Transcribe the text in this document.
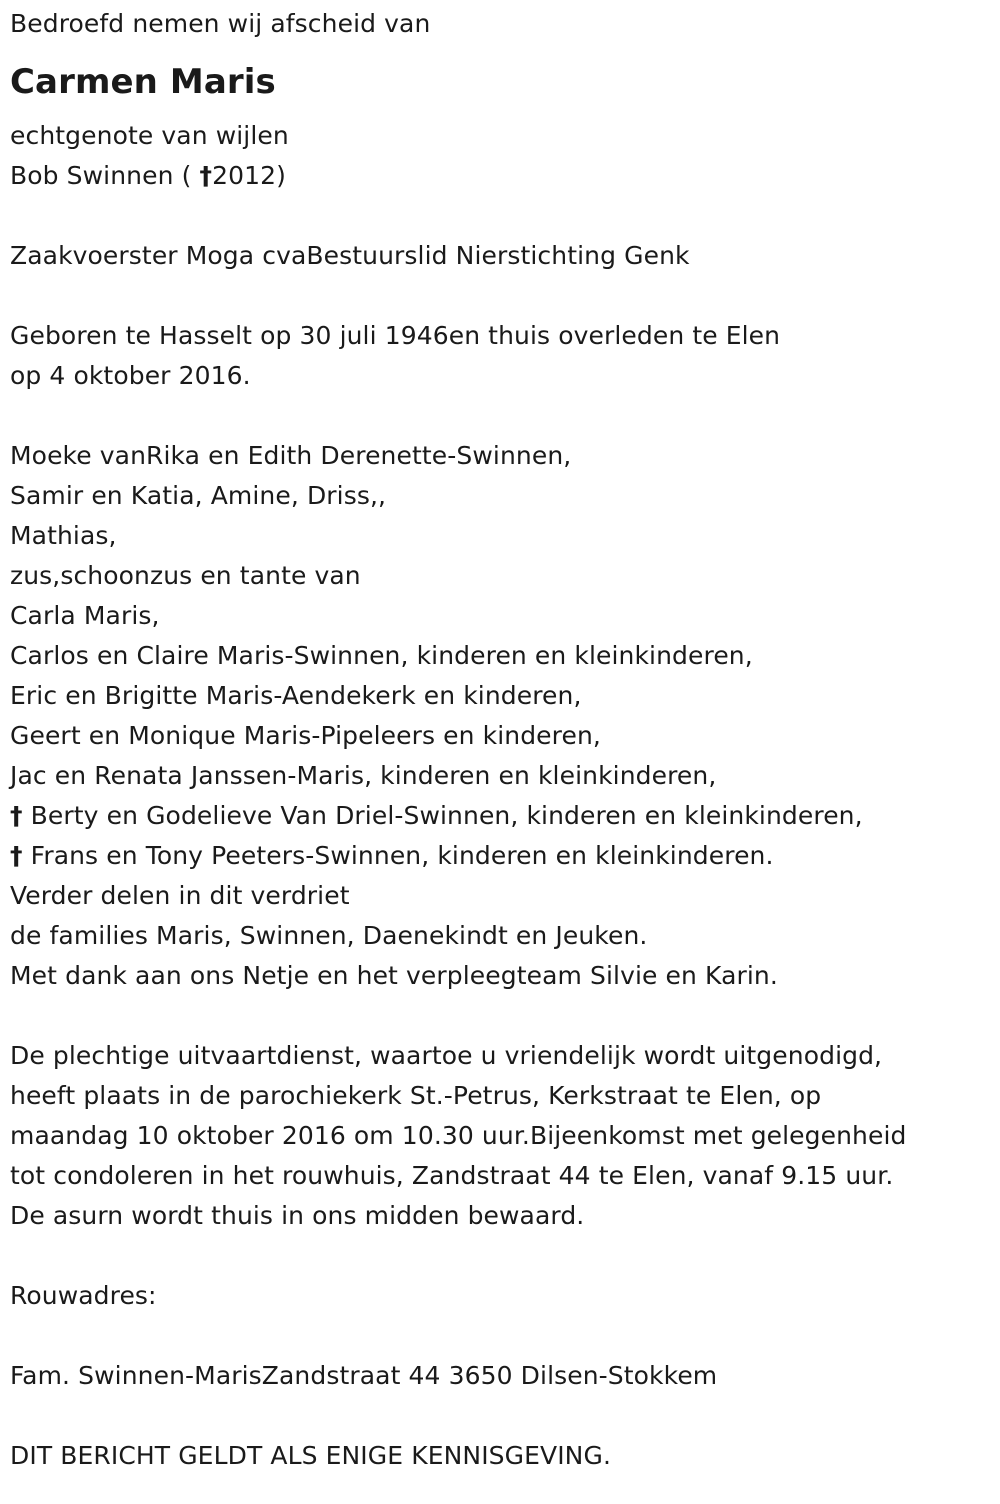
Bedroefd nemen wij afscheid van
Carmen Maris
echtgenote van wijlen
Bob Swinnen ( †2012)
Zaakvoerster Moga cvaBestuurslid Nierstichting Genk
Geboren te Hasselt op 30 juli 1946en thuis overleden te Elen
op 4 oktober 2016.
Moeke vanRika en Edith Derenette-Swinnen,
Samir en Katia, Amine, Driss,,
Mathias,
zus,schoonzus en tante van
Carla Maris,
Carlos en Claire Maris-Swinnen, kinderen en kleinkinderen,
Eric en Brigitte Maris-Aendekerk en kinderen,
Geert en Monique Maris-Pipeleers en kinderen,
Jac en Renata Janssen-Maris, kinderen en kleinkinderen,
† Berty en Godelieve Van Driel-Swinnen, kinderen en kleinkinderen,
† Frans en Tony Peeters-Swinnen, kinderen en kleinkinderen.
Verder delen in dit verdriet
de families Maris, Swinnen, Daenekindt en Jeuken.
Met dank aan ons Netje en het verpleegteam Silvie en Karin.
De plechtige uitvaartdienst, waartoe u vriendelijk wordt uitgenodigd,
heeft plaats in de parochiekerk St.-Petrus, Kerkstraat te Elen, op
maandag 10 oktober 2016 om 10.30 uur.Bijeenkomst met gelegenheid
tot condoleren in het rouwhuis, Zandstraat 44 te Elen, vanaf 9.15 uur.
De asurn wordt thuis in ons midden bewaard.
Rouwadres:
Fam. Swinnen-MarisZandstraat 44 3650 Dilsen-Stokkem
DIT BERICHT GELDT ALS ENIGE KENNISGEVING.
